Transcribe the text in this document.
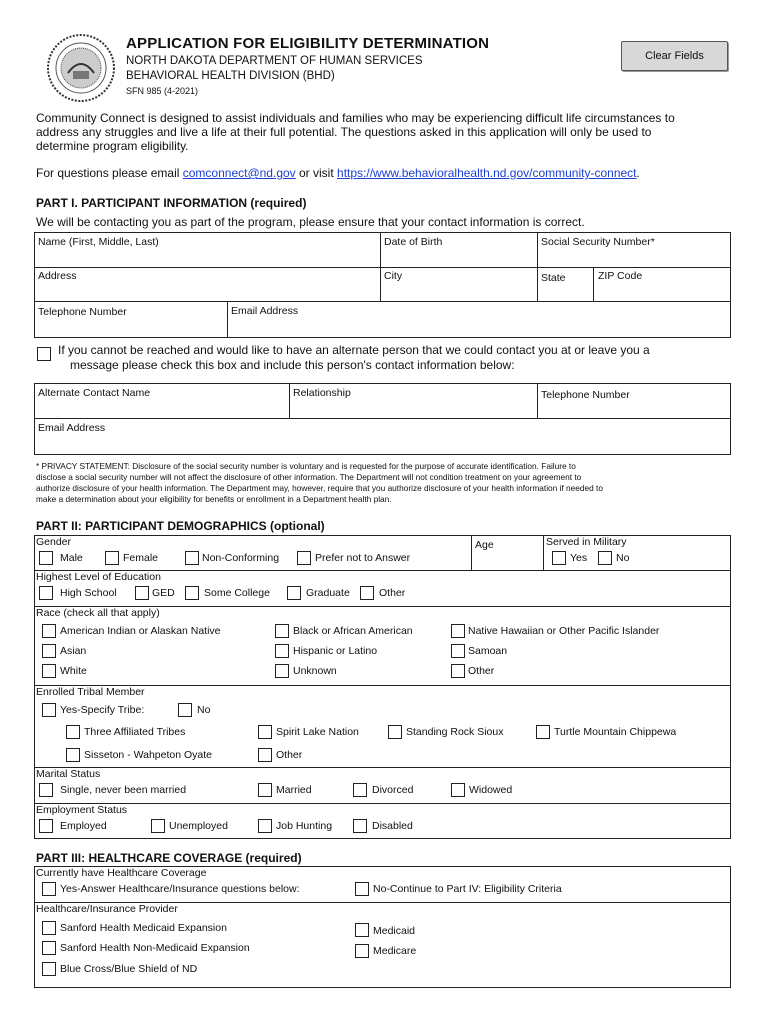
APPLICATION FOR ELIGIBILITY DETERMINATION
NORTH DAKOTA DEPARTMENT OF HUMAN SERVICES
BEHAVIORAL HEALTH DIVISION (BHD)
SFN 985 (4-2021)
Clear Fields
Community Connect is designed to assist individuals and families who may be experiencing difficult life circumstances to
address any struggles and live a life at their full potential. The questions asked in this application will only be used to
determine program eligibility.
For questions please email comconnect@nd.gov or visit https://www.behavioralhealth.nd.gov/community-connect.
PART I. PARTICIPANT INFORMATION (required)
We will be contacting you as part of the program, please ensure that your contact information is correct.
Name (First, Middle, Last)	Date of Birth	Social Security Number*
Address	City	State	ZIP Code
Telephone Number	Email Address
If you cannot be reached and would like to have an alternate person that we could contact you at or leave you a
message please check this box and include this person's contact information below:
Alternate Contact Name	Relationship	Telephone Number
Email Address
* PRIVACY STATEMENT: Disclosure of the social security number is voluntary and is requested for the purpose of accurate identification. Failure to
disclose a social security number will not affect the disclosure of other information. The Department will not condition treatment on your agreement to
authorize disclosure of your health information. The Department may, however, require that you authorize disclosure of your health information if needed to
make a determination about your eligibility for benefits or enrollment in a Department health plan.
PART II: PARTICIPANT DEMOGRAPHICS (optional)
Gender	Age	Served in Military
Male	Female	Non-Conforming	Prefer not to Answer	Yes	No
Highest Level of Education
High School	GED	Some College	Graduate	Other
Race (check all that apply)
American Indian or Alaskan Native	Black or African American	Native Hawaiian or Other Pacific Islander
Asian	Hispanic or Latino	Samoan
White	Unknown	Other
Enrolled Tribal Member
Yes-Specify Tribe:	No
Three Affiliated Tribes	Spirit Lake Nation	Standing Rock Sioux	Turtle Mountain Chippewa
Sisseton - Wahpeton Oyate	Other
Marital Status
Single, never been married	Married	Divorced	Widowed
Employment Status
Employed	Unemployed	Job Hunting	Disabled
PART III: HEALTHCARE COVERAGE (required)
Currently have Healthcare Coverage
Yes-Answer Healthcare/Insurance questions below:	No-Continue to Part IV: Eligibility Criteria
Healthcare/Insurance Provider
Sanford Health Medicaid Expansion	Medicaid
Sanford Health Non-Medicaid Expansion	Medicare
Blue Cross/Blue Shield of ND
